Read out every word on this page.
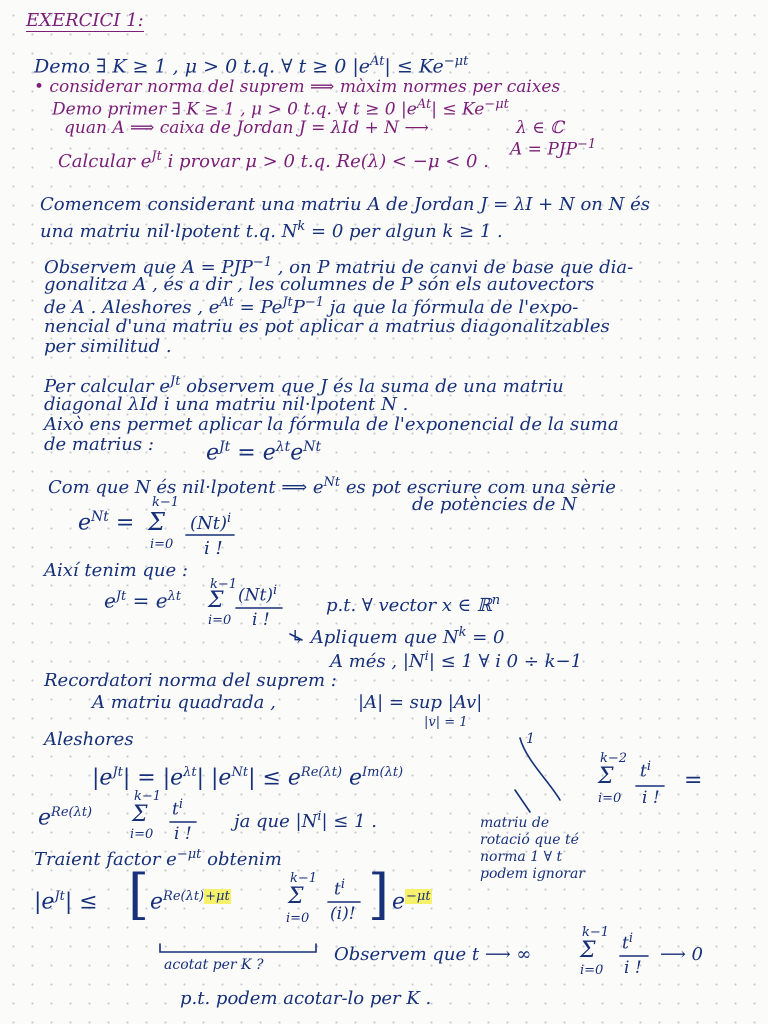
EXERCICI 1:
Demo ∃ K ≥ 1 , μ > 0 t.q. ∀ t ≥ 0 $|e^{At}| \le Ke^{-\mu t}$
• considerar norma del suprem ⟹ màxim normes per caixes
Demo primer ∃ K ≥ 1 , μ > 0 t.q. ∀ t ≥ 0 $|e^{At}| \le Ke^{-\mu t}$
quan A ⟹ caixa de Jordan J = λId + N ⟶	λ ∈ ℂ
$A = PJP^{-1}$
Calcular $e^{Jt}$ i provar μ > 0 t.q. Re(λ) < −μ < 0 .
Comencem considerant una matriu A de Jordan J = λI + N on N és
una matriu nil·lpotent t.q. $N^k = 0$ per algun k ≥ 1 .
Observem que $A = PJP^{-1}$ , on P matriu de canvi de base que dia-
gonalitza A , és a dir , les columnes de P són els autovectors
de A . Aleshores , $e^{At} = Pe^{Jt}P^{-1}$ ja que la fórmula de l'expo-
nencial d'una matriu es pot aplicar a matrius diagonalitzables
per similitud .
Per calcular $e^{Jt}$ observem que J és la suma de una matriu
diagonal λId i una matriu nil·lpotent N .
Això ens permet aplicar la fórmula de l'exponencial de la suma
de matrius : $e^{Jt} = e^{\lambda t}e^{Nt}$
Com que N és nil·lpotent ⟹ $e^{Nt}$ es pot escriure com una sèrie
de potències de N
$e^{Nt}$ =
k−1
Σ
i=0
$(Nt)^i$
i !
Així tenim que :
$e^{Jt} = e^{\lambda t}$
k−1
Σ
i=0
$(Nt)^i$
i !
p.t. ∀ vector x ∈ ℝ$^n$
↳ Apliquem que $N^k = 0$
A més , $|N^i| \le 1$ ∀ i 0 ÷ k−1
Recordatori norma del suprem :
A matriu quadrada ,	|A| = sup |Av|
|v| = 1
Aleshores	1
$|e^{Jt}| = |e^{\lambda t}|$ $|e^{Nt}| \le e^{Re(\lambda t)}$ $e^{Im(\lambda t)}$
k−2
Σ
i=0
$t^i$
i !
=
$e^{Re(\lambda t)}$
k−1
Σ
i=0
$t^i$
i !
ja que $|N^i| \le 1$ .	matriu de
rotació que té
norma 1 ∀ t
podem ignorar
Traient factor $e^{-\mu t}$ obtenim
$|e^{Jt}|$ ≤ [ $e^{Re(\lambda t)+\mu t}$
k−1
Σ
i=0
$t^i$
(i)! ] $e^{-\mu t}$
acotat per K ?	Observem que t ⟶ ∞
k−1
Σ
i=0
$t^i$
i !
⟶ 0
p.t. podem acotar-lo per K .
